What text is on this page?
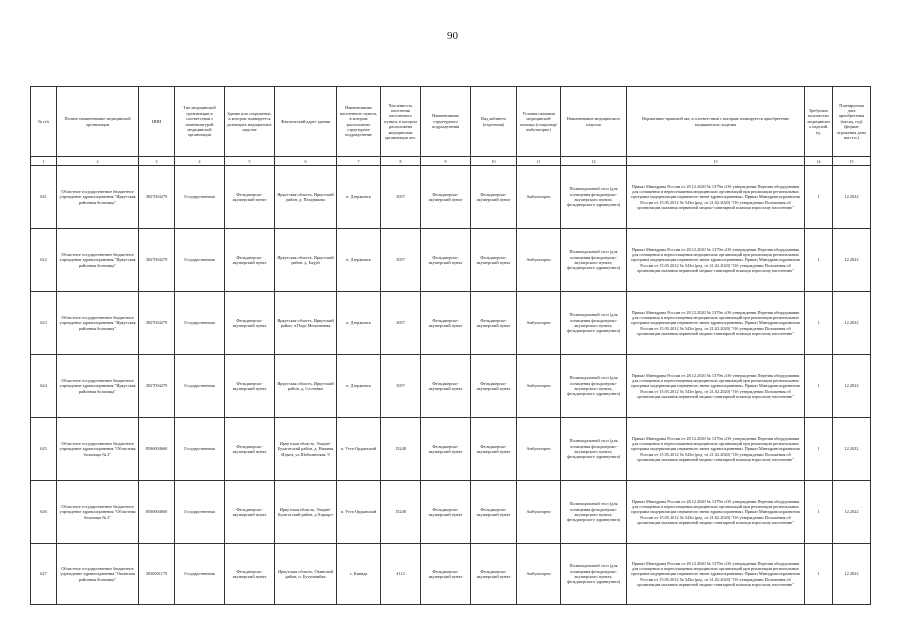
90
№ п/п	Полное наименование медицинской организации	ИНН	Тип медицинской организации в соответствии с номенклатурой медицинской организации	Здание или сооружение, в котором планируется размещать медицинское изделие	Фактический адрес здания	Наименование населенного пункта, в котором расположено структурное подразделение	Численность населения населенного пункта, в котором расположена медицинская организация чел.	Наименование структурного подразделения	Вид кабинета (отделения)	Условия оказания медицинской помощи (стационар/амбулаторно)	Наименование медицинского изделия	Нормативно-правовой акт, в соответствии с которым планируется приобретение медицинского изделия	Требуемое количество медицинских изделий, ед.	Планируемая дата приобретения (месяц, год) (формат отражения даты мм.гггг.)
1	2	3	4	5	6	7	8	9	10	11	12	13	14	15
621	Областное государственное бюджетное учреждение здравоохранения "Иркутская районная больница"	3827004279	Государственная	Фельдшерско-акушерский пункт	Иркутская область, Иркутский район, д. Позднякова	п. Дзержинск	3057	Фельдшерско-акушерский пункт	Фельдшерско-акушерский пункт	Амбулаторно	Полимодальный стол (для оснащения фельдшерско-акушерского пункта, фельдшерского здравпункта)	Приказ Минздрава России от 28.12.2020 № 1379н «Об утверждении Перечня оборудования для оснащения и переоснащения медицинских организаций при реализации региональных программ модернизации первичного звена здравоохранения» Приказ Минздравсоцразвития России от 15.05.2012 № 543н (ред. от 21.02.2020) "Об утверждении Положения об организации оказания первичной медико-санитарной помощи взрослому населению"	1	12.2022
622	Областное государственное бюджетное учреждение здравоохранения "Иркутская районная больница"	3827004279	Государственная	Фельдшерско-акушерский пункт	Иркутская область, Иркутский район, д. Бадуй	п. Дзержинск	3057	Фельдшерско-акушерский пункт	Фельдшерско-акушерский пункт	Амбулаторно	Полимодальный стол (для оснащения фельдшерско-акушерского пункта, фельдшерского здравпункта)	Приказ Минздрава России от 28.12.2020 № 1379н «Об утверждении Перечня оборудования для оснащения и переоснащения медицинских организаций при реализации региональных программ модернизации первичного звена здравоохранения» Приказ Минздравсоцразвития России от 15.05.2012 № 543н (ред. от 21.02.2020) "Об утверждении Положения об организации оказания первичной медико-санитарной помощи взрослому населению"	1	12.2022
623	Областное государственное бюджетное учреждение здравоохранения "Иркутская районная больница"	3827004279	Государственная	Фельдшерско-акушерский пункт	Иркутская область, Иркутский район, п.Пади Мельничная	п. Дзержинск	3057	Фельдшерско-акушерский пункт	Фельдшерско-акушерский пункт	Амбулаторно	Полимодальный стол (для оснащения фельдшерско-акушерского пункта, фельдшерского здравпункта)	Приказ Минздрава России от 28.12.2020 № 1379н «Об утверждении Перечня оборудования для оснащения и переоснащения медицинских организаций при реализации региональных программ модернизации первичного звена здравоохранения» Приказ Минздравсоцразвития России от 15.05.2012 № 543н (ред. от 21.02.2020) "Об утверждении Положения об организации оказания первичной медико-санитарной помощи взрослому населению"	1	12.2022
624	Областное государственное бюджетное учреждение здравоохранения "Иркутская районная больница"	3827004279	Государственная	Фельдшерско-акушерский пункт	Иркутская область, Иркутский район, д. Сосновка	п. Дзержинск	3057	Фельдшерско-акушерский пункт	Фельдшерско-акушерский пункт	Амбулаторно	Полимодальный стол (для оснащения фельдшерско-акушерского пункта, фельдшерского здравпункта)	Приказ Минздрава России от 28.12.2020 № 1379н «Об утверждении Перечня оборудования для оснащения и переоснащения медицинских организаций при реализации региональных программ модернизации первичного звена здравоохранения» Приказ Минздравсоцразвития России от 15.05.2012 № 543н (ред. от 21.02.2020) "Об утверждении Положения об организации оказания первичной медико-санитарной помощи взрослому населению"	1	12.2022
625	Областное государственное бюджетное учреждение здравоохранения "Областная больница № 2"	8506004660	Государственная	Фельдшерско-акушерский пункт	Иркутская область, Эхирит-Булагатский район, д. Нижняя Идыга, ул.Шабалинская, 9	п. Усть-Ордынский	15248	Фельдшерско-акушерский пункт	Фельдшерско-акушерский пункт	Амбулаторно	Полимодальный стол (для оснащения фельдшерско-акушерского пункта, фельдшерского здравпункта)	Приказ Минздрава России от 28.12.2020 № 1379н «Об утверждении Перечня оборудования для оснащения и переоснащения медицинских организаций при реализации региональных программ модернизации первичного звена здравоохранения» Приказ Минздравсоцразвития России от 15.05.2012 № 543н (ред. от 21.02.2020) "Об утверждении Положения об организации оказания первичной медико-санитарной помощи взрослому населению"	1	12.2022
626	Областное государственное бюджетное учреждение здравоохранения "Областная больница № 2"	8506004660	Государственная	Фельдшерско-акушерский пункт	Иркутская область, Эхирит-Булагатский район, д.Харацут	п. Усть-Ордынский	15248	Фельдшерско-акушерский пункт	Фельдшерско-акушерский пункт	Амбулаторно	Полимодальный стол (для оснащения фельдшерско-акушерского пункта, фельдшерского здравпункта)	Приказ Минздрава России от 28.12.2020 № 1379н «Об утверждении Перечня оборудования для оснащения и переоснащения медицинских организаций при реализации региональных программ модернизации первичного звена здравоохранения» Приказ Минздравсоцразвития России от 15.05.2012 № 543н (ред. от 21.02.2020) "Об утверждении Положения об организации оказания первичной медико-санитарной помощи взрослому населению"	1	12.2022
627	Областное государственное бюджетное учреждение здравоохранения "Окинская районная больница"	3830001179	Государственная	Фельдшерско-акушерский пункт	Иркутская область, Окинский район, п. Бутуншийка	с. Киянда	4112	Фельдшерско-акушерский пункт	Фельдшерско-акушерский пункт	Амбулаторно	Полимодальный стол (для оснащения фельдшерско-акушерского пункта, фельдшерского здравпункта)	Приказ Минздрава России от 28.12.2020 № 1379н «Об утверждении Перечня оборудования для оснащения и переоснащения медицинских организаций при реализации региональных программ модернизации первичного звена здравоохранения» Приказ Минздравсоцразвития России от 15.05.2012 № 543н (ред. от 21.02.2020) "Об утверждении Положения об организации оказания первичной медико-санитарной помощи взрослому населению"	1	12.2022
